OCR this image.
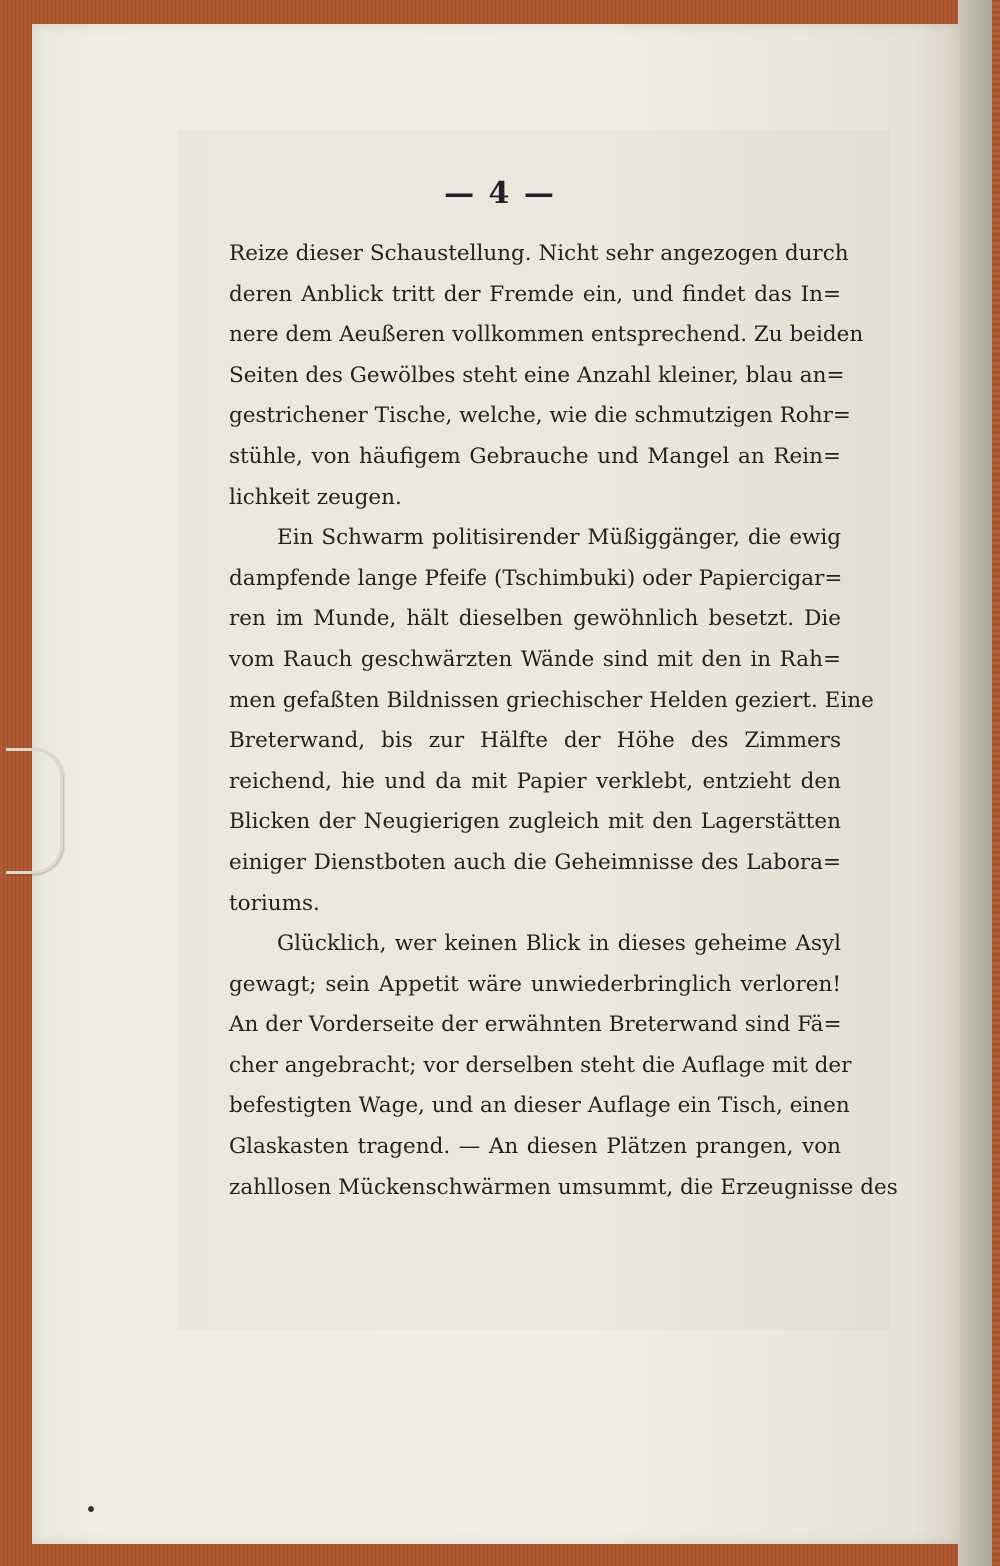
— 4 —
Reize dieser Schaustellung. Nicht sehr angezogen durch
deren Anblick tritt der Fremde ein, und findet das In=
nere dem Aeußeren vollkommen entsprechend. Zu beiden
Seiten des Gewölbes steht eine Anzahl kleiner, blau an=
gestrichener Tische, welche, wie die schmutzigen Rohr=
stühle, von häufigem Gebrauche und Mangel an Rein=
lichkeit zeugen.
Ein Schwarm politisirender Müßiggänger, die ewig
dampfende lange Pfeife (Tschimbuki) oder Papiercigar=
ren im Munde, hält dieselben gewöhnlich besetzt. Die
vom Rauch geschwärzten Wände sind mit den in Rah=
men gefaßten Bildnissen griechischer Helden geziert. Eine
Breterwand, bis zur Hälfte der Höhe des Zimmers
reichend, hie und da mit Papier verklebt, entzieht den
Blicken der Neugierigen zugleich mit den Lagerstätten
einiger Dienstboten auch die Geheimnisse des Labora=
toriums.
Glücklich, wer keinen Blick in dieses geheime Asyl
gewagt; sein Appetit wäre unwiederbringlich verloren!
An der Vorderseite der erwähnten Breterwand sind Fä=
cher angebracht; vor derselben steht die Auflage mit der
befestigten Wage, und an dieser Auflage ein Tisch, einen
Glaskasten tragend. — An diesen Plätzen prangen, von
zahllosen Mückenschwärmen umsummt, die Erzeugnisse des
